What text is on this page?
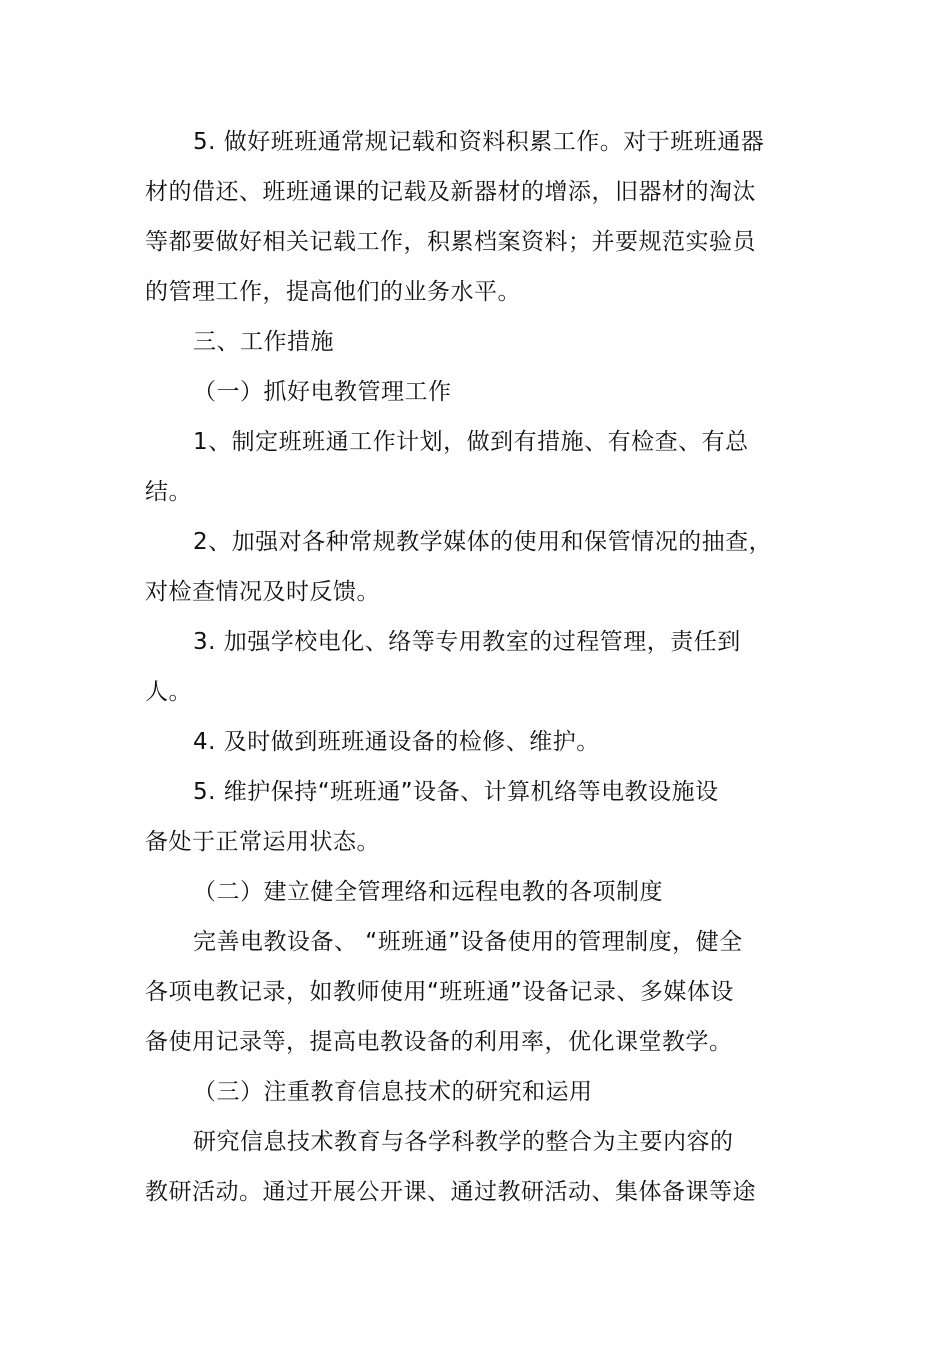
5. 做好班班通常规记载和资料积累工作。对于班班通器
材的借还、班班通课的记载及新器材的增添，旧器材的淘汰
等都要做好相关记载工作，积累档案资料；并要规范实验员
的管理工作，提高他们的业务水平。
三、工作措施
（一）抓好电教管理工作
1、制定班班通工作计划，做到有措施、有检查、有总
结。
2、加强对各种常规教学媒体的使用和保管情况的抽查，
对检查情况及时反馈。
3. 加强学校电化、络等专用教室的过程管理，责任到
人。
4. 及时做到班班通设备的检修、维护。
5. 维护保持“班班通”设备、计算机络等电教设施设
备处于正常运用状态。
（二）建立健全管理络和远程电教的各项制度
完善电教设备、 “班班通”设备使用的管理制度，健全
各项电教记录，如教师使用“班班通”设备记录、多媒体设
备使用记录等，提高电教设备的利用率，优化课堂教学。
（三）注重教育信息技术的研究和运用
研究信息技术教育与各学科教学的整合为主要内容的
教研活动。通过开展公开课、通过教研活动、集体备课等途
